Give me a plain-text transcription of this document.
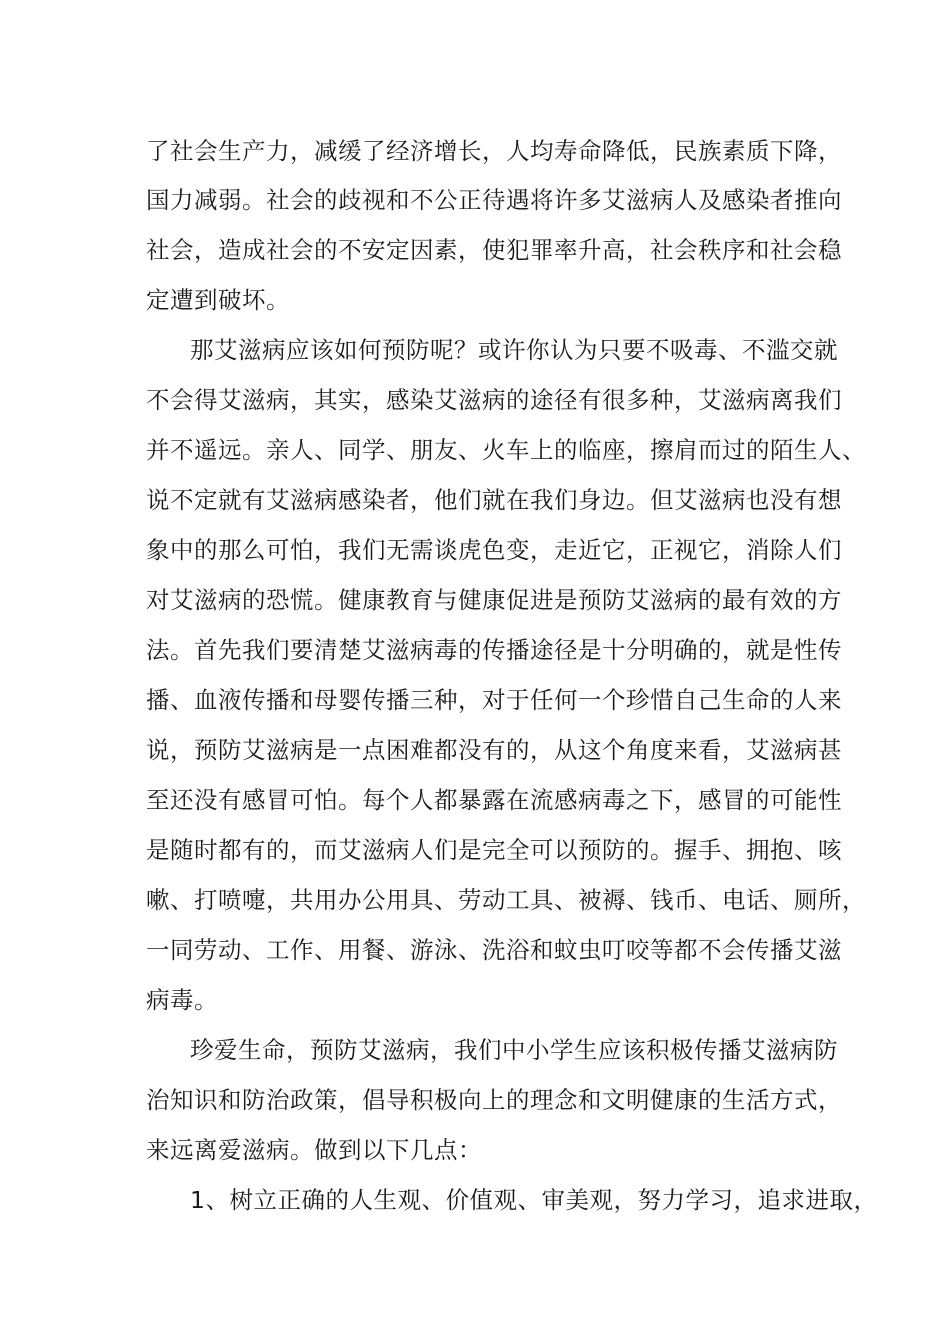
了社会生产力，减缓了经济增长，人均寿命降低，民族素质下降，
国力减弱。社会的歧视和不公正待遇将许多艾滋病人及感染者推向
社会，造成社会的不安定因素，使犯罪率升高，社会秩序和社会稳
定遭到破坏。
那艾滋病应该如何预防呢？或许你认为只要不吸毒、不滥交就
不会得艾滋病，其实，感染艾滋病的途径有很多种，艾滋病离我们
并不遥远。亲人、同学、朋友、火车上的临座，擦肩而过的陌生人、
说不定就有艾滋病感染者，他们就在我们身边。但艾滋病也没有想
象中的那么可怕，我们无需谈虎色变，走近它，正视它，消除人们
对艾滋病的恐慌。健康教育与健康促进是预防艾滋病的最有效的方
法。首先我们要清楚艾滋病毒的传播途径是十分明确的，就是性传
播、血液传播和母婴传播三种，对于任何一个珍惜自己生命的人来
说，预防艾滋病是一点困难都没有的，从这个角度来看，艾滋病甚
至还没有感冒可怕。每个人都暴露在流感病毒之下，感冒的可能性
是随时都有的，而艾滋病人们是完全可以预防的。握手、拥抱、咳
嗽、打喷嚏，共用办公用具、劳动工具、被褥、钱币、电话、厕所，
一同劳动、工作、用餐、游泳、洗浴和蚊虫叮咬等都不会传播艾滋
病毒。
珍爱生命，预防艾滋病，我们中小学生应该积极传播艾滋病防
治知识和防治政策，倡导积极向上的理念和文明健康的生活方式，
来远离爱滋病。做到以下几点：
1、树立正确的人生观、价值观、审美观，努力学习，追求进取，
